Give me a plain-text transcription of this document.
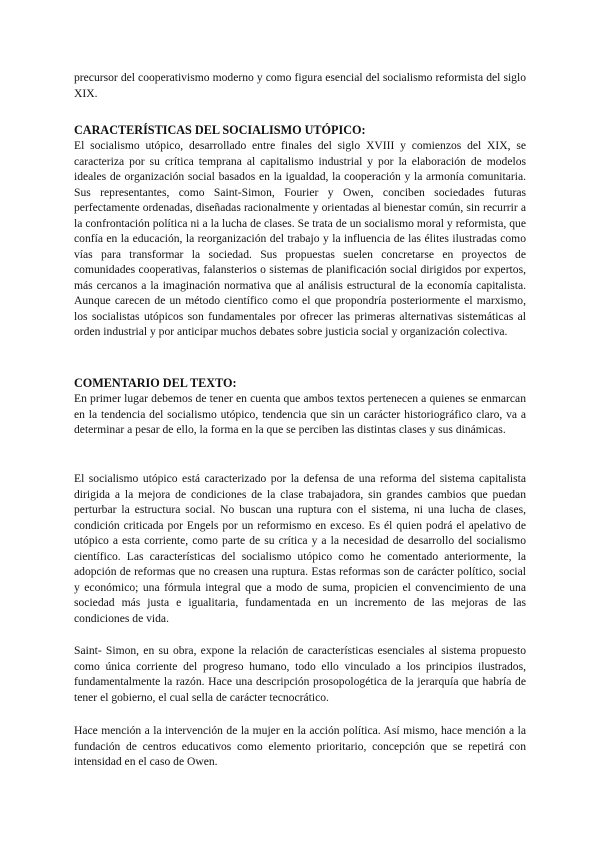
precursor del cooperativismo moderno y como figura esencial del socialismo reformista del siglo XIX.

CARACTERÍSTICAS DEL SOCIALISMO UTÓPICO:

El socialismo utópico, desarrollado entre finales del siglo XVIII y comienzos del XIX, se caracteriza por su crítica temprana al capitalismo industrial y por la elaboración de modelos ideales de organización social basados en la igualdad, la cooperación y la armonía comunitaria. Sus representantes, como Saint-Simon, Fourier y Owen, conciben sociedades futuras perfectamente ordenadas, diseñadas racionalmente y orientadas al bienestar común, sin recurrir a la confrontación política ni a la lucha de clases. Se trata de un socialismo moral y reformista, que confía en la educación, la reorganización del trabajo y la influencia de las élites ilustradas como vías para transformar la sociedad. Sus propuestas suelen concretarse en proyectos de comunidades cooperativas, falansterios o sistemas de planificación social dirigidos por expertos, más cercanos a la imaginación normativa que al análisis estructural de la economía capitalista. Aunque carecen de un método científico como el que propondría posteriormente el marxismo, los socialistas utópicos son fundamentales por ofrecer las primeras alternativas sistemáticas al orden industrial y por anticipar muchos debates sobre justicia social y organización colectiva.

COMENTARIO DEL TEXTO:

En primer lugar debemos de tener en cuenta que ambos textos pertenecen a quienes se enmarcan en la tendencia del socialismo utópico, tendencia que sin un carácter historiográfico claro, va a determinar a pesar de ello, la forma en la que se perciben las distintas clases y sus dinámicas.

El socialismo utópico está caracterizado por la defensa de una reforma del sistema capitalista dirigida a la mejora de condiciones de la clase trabajadora, sin grandes cambios que puedan perturbar la estructura social. No buscan una ruptura con el sistema, ni una lucha de clases, condición criticada por Engels por un reformismo en exceso. Es él quien podrá el apelativo de utópico a esta corriente, como parte de su crítica y a la necesidad de desarrollo del socialismo científico. Las características del socialismo utópico como he comentado anteriormente, la adopción de reformas que no creasen una ruptura. Estas reformas son de carácter político, social y económico; una fórmula integral que a modo de suma, propicien el convencimiento de una sociedad más justa e igualitaria, fundamentada en un incremento de las mejoras de las condiciones de vida.

Saint- Simon, en su obra, expone la relación de características esenciales al sistema propuesto como única corriente del progreso humano, todo ello vinculado a los principios ilustrados, fundamentalmente la razón. Hace una descripción prosopologética de la jerarquía que habría de tener el gobierno, el cual sella de carácter tecnocrático.

Hace mención a la intervención de la mujer en la acción política. Así mismo, hace mención a la fundación de centros educativos como elemento prioritario, concepción que se repetirá con intensidad en el caso de Owen.
